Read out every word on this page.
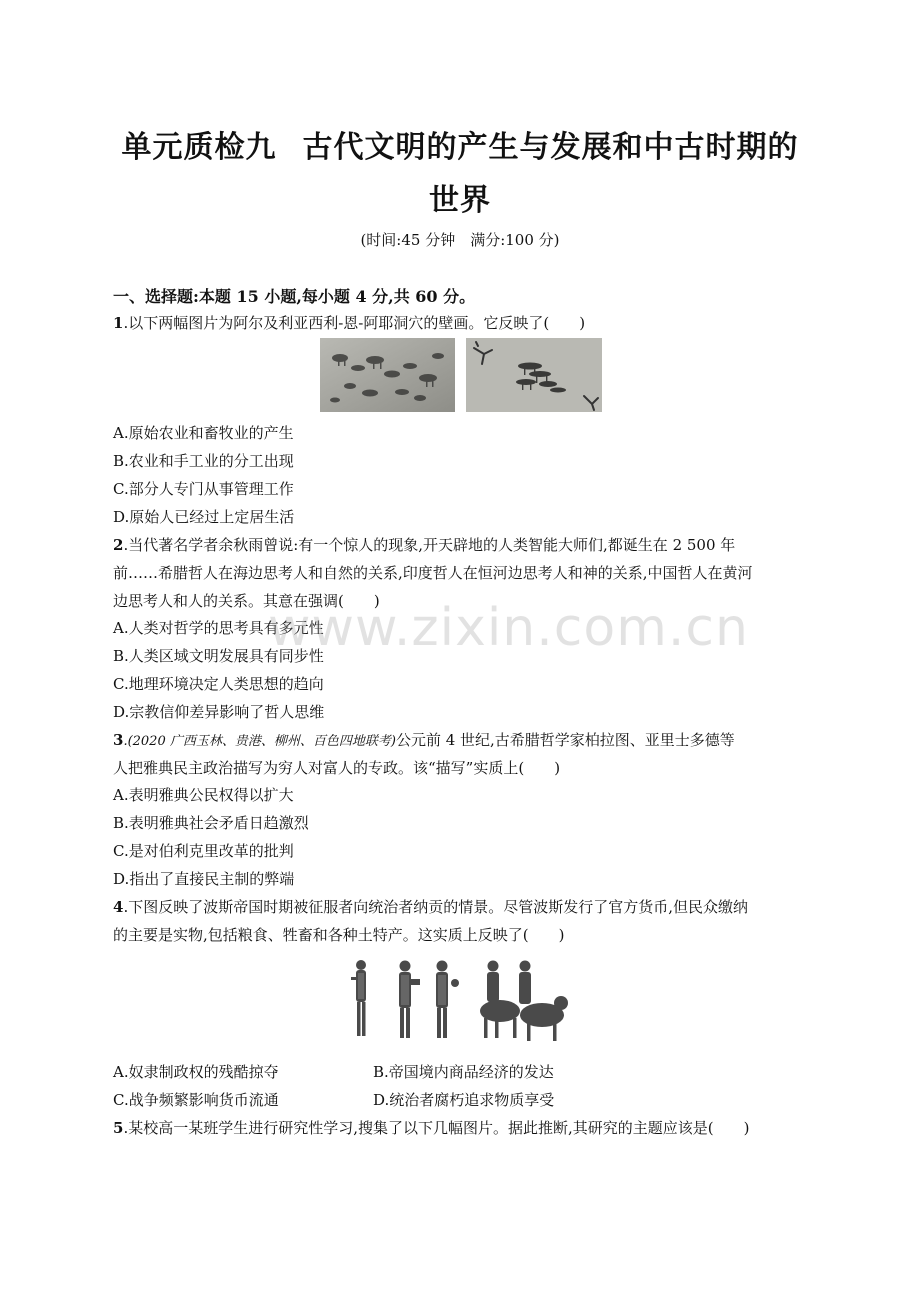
单元质检九 古代文明的产生与发展和中古时期的
世界
(时间:45 分钟　满分:100 分)
一、选择题:本题 15 小题,每小题 4 分,共 60 分。
1.以下两幅图片为阿尔及利亚西利-恩-阿耶洞穴的壁画。它反映了(　　)
A.原始农业和畜牧业的产生
B.农业和手工业的分工出现
C.部分人专门从事管理工作
D.原始人已经过上定居生活
2.当代著名学者余秋雨曾说:有一个惊人的现象,开天辟地的人类智能大师们,都诞生在 2 500 年
前……希腊哲人在海边思考人和自然的关系,印度哲人在恒河边思考人和神的关系,中国哲人在黄河
边思考人和人的关系。其意在强调(　　)
A.人类对哲学的思考具有多元性
B.人类区域文明发展具有同步性
C.地理环境决定人类思想的趋向
D.宗教信仰差异影响了哲人思维
3.(2020 广西玉林、贵港、柳州、百色四地联考)公元前 4 世纪,古希腊哲学家柏拉图、亚里士多德等
人把雅典民主政治描写为穷人对富人的专政。该“描写”实质上(　　)
A.表明雅典公民权得以扩大
B.表明雅典社会矛盾日趋激烈
C.是对伯利克里改革的批判
D.指出了直接民主制的弊端
4.下图反映了波斯帝国时期被征服者向统治者纳贡的情景。尽管波斯发行了官方货币,但民众缴纳
的主要是实物,包括粮食、牲畜和各种土特产。这实质上反映了(　　)
A.奴隶制政权的残酷掠夺	B.帝国境内商品经济的发达
C.战争频繁影响货币流通	D.统治者腐朽追求物质享受
5.某校高一某班学生进行研究性学习,搜集了以下几幅图片。据此推断,其研究的主题应该是(　　)
www.zixin.com.cn
